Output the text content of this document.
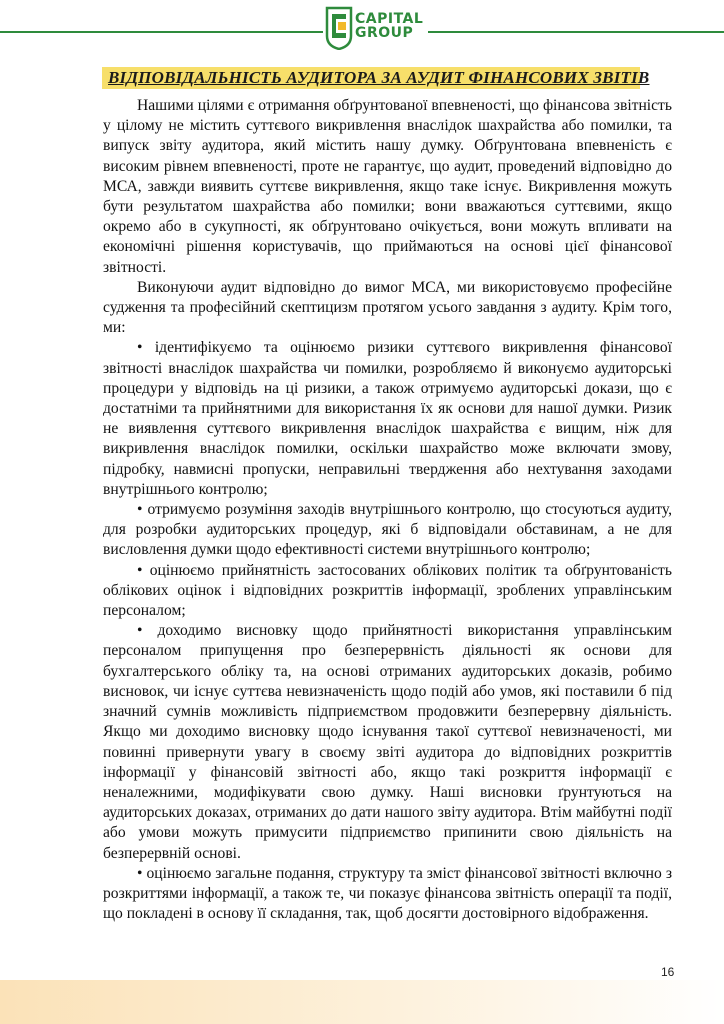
CAPITAL
GROUP
ВІДПОВІДАЛЬНІСТЬ АУДИТОРА ЗА АУДИТ ФІНАНСОВИХ ЗВІТІВ

Нашими цілями є отримання обґрунтованої впевненості, що фінансова звітність у цілому не містить суттєвого викривлення внаслідок шахрайства або помилки, та випуск звіту аудитора, який містить нашу думку. Обґрунтована впевненість є високим рівнем впевненості, проте не гарантує, що аудит, проведений відповідно до МСА, завжди виявить суттєве викривлення, якщо таке існує. Викривлення можуть бути результатом шахрайства або помилки; вони вважаються суттєвими, якщо окремо або в сукупності, як обґрунтовано очікується, вони можуть впливати на економічні рішення користувачів, що приймаються на основі цієї фінансової звітності.

Виконуючи аудит відповідно до вимог МСА, ми використовуємо професійне судження та професійний скептицизм протягом усього завдання з аудиту. Крім того, ми:

• ідентифікуємо та оцінюємо ризики суттєвого викривлення фінансової звітності внаслідок шахрайства чи помилки, розробляємо й виконуємо аудиторські процедури у відповідь на ці ризики, а також отримуємо аудиторські докази, що є достатніми та прийнятними для використання їх як основи для нашої думки. Ризик не виявлення суттєвого викривлення внаслідок шахрайства є вищим, ніж для викривлення внаслідок помилки, оскільки шахрайство може включати змову, підробку, навмисні пропуски, неправильні твердження або нехтування заходами внутрішнього контролю;

• отримуємо розуміння заходів внутрішнього контролю, що стосуються аудиту, для розробки аудиторських процедур, які б відповідали обставинам, а не для висловлення думки щодо ефективності системи внутрішнього контролю;

• оцінюємо прийнятність застосованих облікових політик та обґрунтованість облікових оцінок і відповідних розкриттів інформації, зроблених управлінським персоналом;

• доходимо висновку щодо прийнятності використання управлінським персоналом припущення про безперервність діяльності як основи для бухгалтерського обліку та, на основі отриманих аудиторських доказів, робимо висновок, чи існує суттєва невизначеність щодо подій або умов, які поставили б під значний сумнів можливість підприємством продовжити безперервну діяльність. Якщо ми доходимо висновку щодо існування такої суттєвої невизначеності, ми повинні привернути увагу в своєму звіті аудитора до відповідних розкриттів інформації у фінансовій звітності або, якщо такі розкриття інформації є неналежними, модифікувати свою думку. Наші висновки ґрунтуються на аудиторських доказах, отриманих до дати нашого звіту аудитора. Втім майбутні події або умови можуть примусити підприємство припинити свою діяльність на безперервній основі.

• оцінюємо загальне подання, структуру та зміст фінансової звітності включно з розкриттями інформації, а також те, чи показує фінансова звітність операції та події, що покладені в основу її складання, так, щоб досягти достовірного відображення.

16
